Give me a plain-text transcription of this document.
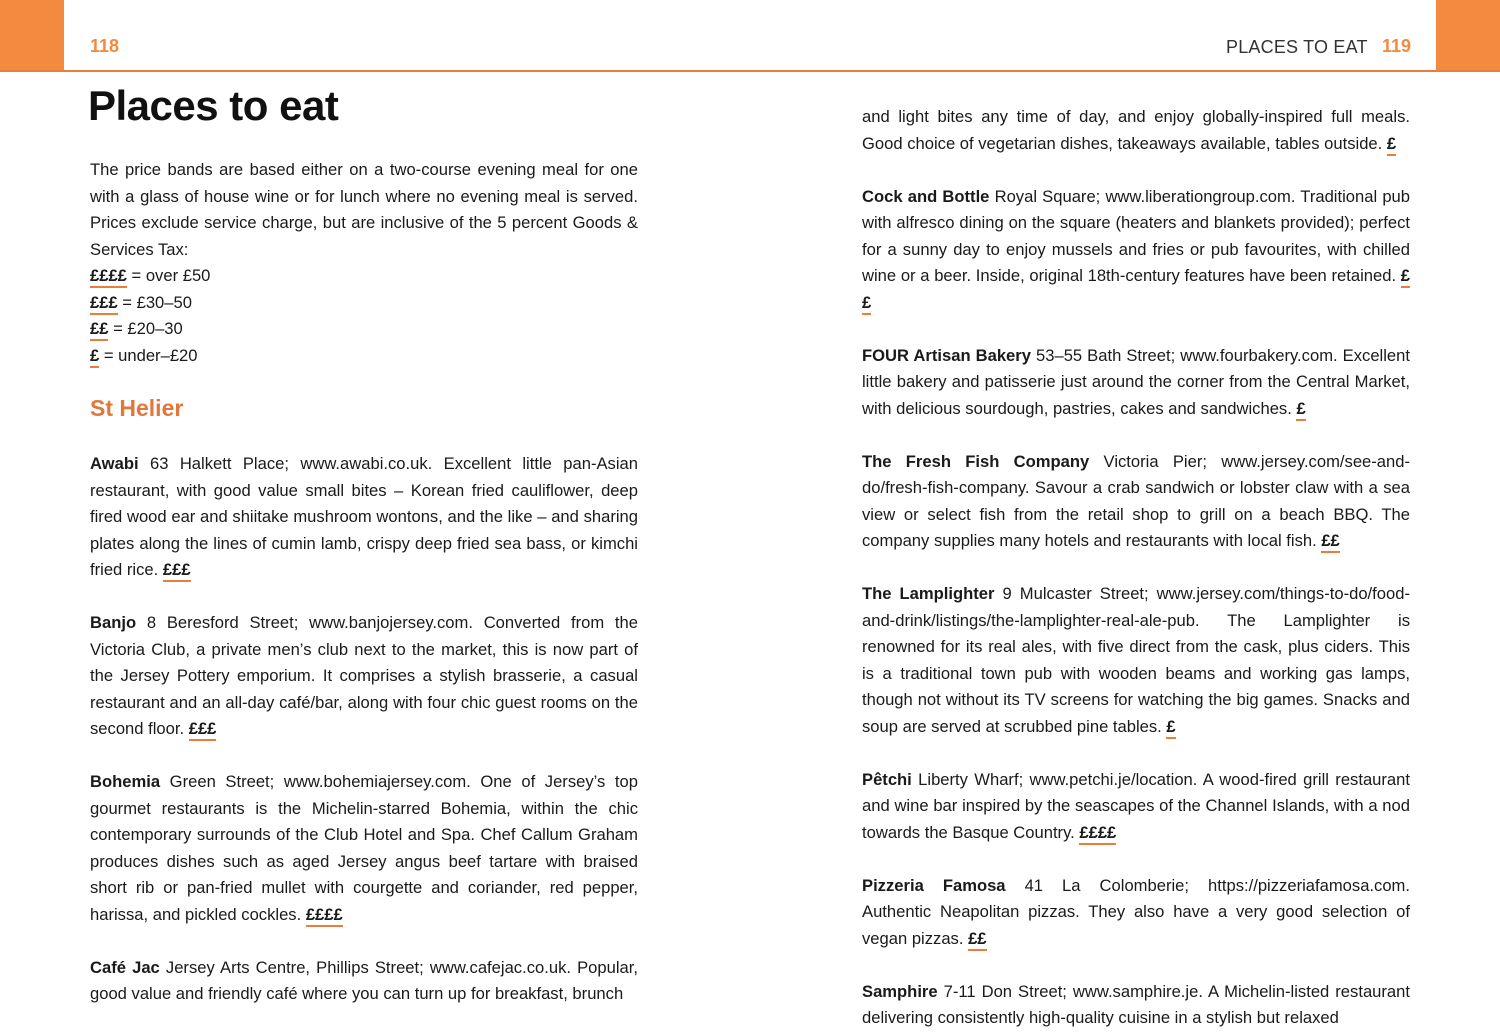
118	PLACES TO EAT 119
Places to eat

The price bands are based either on a two-course evening meal for one with a glass of house wine or for lunch where no evening meal is served. Prices exclude service charge, but are inclusive of the 5 percent Goods & Services Tax:

££££ = over £50
£££ = £30–50
££ = £20–30
£ = under–£20
St Helier

Awabi 63 Halkett Place; www.awabi.co.uk. Excellent little pan-Asian restaurant, with good value small bites – Korean fried cauliflower, deep fired wood ear and shiitake mushroom wontons, and the like – and sharing plates along the lines of cumin lamb, crispy deep fried sea bass, or kimchi fried rice. £££

Banjo 8 Beresford Street; www.banjojersey.com. Converted from the Victoria Club, a private men’s club next to the market, this is now part of the Jersey Pottery emporium. It comprises a stylish brasserie, a casual restaurant and an all-day café/bar, along with four chic guest rooms on the second floor. £££

Bohemia Green Street; www.bohemiajersey.com. One of Jersey’s top gourmet restaurants is the Michelin-starred Bohemia, within the chic contemporary surrounds of the Club Hotel and Spa. Chef Callum Graham produces dishes such as aged Jersey angus beef tartare with braised short rib or pan-fried mullet with courgette and coriander, red pepper, harissa, and pickled cockles. ££££

Café Jac Jersey Arts Centre, Phillips Street; www.cafejac.co.uk. Popular, good value and friendly café where you can turn up for breakfast, brunch

and light bites any time of day, and enjoy globally-inspired full meals. Good choice of vegetarian dishes, takeaways available, tables outside. £

Cock and Bottle Royal Square; www.liberationgroup.com. Traditional pub with alfresco dining on the square (heaters and blankets provided); perfect for a sunny day to enjoy mussels and fries or pub favourites, with chilled wine or a beer. Inside, original 18th-century features have been retained. ££

FOUR Artisan Bakery 53–55 Bath Street; www.fourbakery.com. Excellent little bakery and patisserie just around the corner from the Central Market, with delicious sourdough, pastries, cakes and sandwiches. £

The Fresh Fish Company Victoria Pier; www.jersey.com/see-and-do/fresh-fish-company. Savour a crab sandwich or lobster claw with a sea view or select fish from the retail shop to grill on a beach BBQ. The company supplies many hotels and restaurants with local fish. ££

The Lamplighter 9 Mulcaster Street; www.jersey.com/things-to-do/food-and-drink/listings/the-lamplighter-real-ale-pub. The Lamplighter is renowned for its real ales, with five direct from the cask, plus ciders. This is a traditional town pub with wooden beams and working gas lamps, though not without its TV screens for watching the big games. Snacks and soup are served at scrubbed pine tables. £

Pêtchi Liberty Wharf; www.petchi.je/location. A wood-fired grill restaurant and wine bar inspired by the seascapes of the Channel Islands, with a nod towards the Basque Country. ££££

Pizzeria Famosa 41 La Colomberie; https://pizzeriafamosa.com. Authentic Neapolitan pizzas. They also have a very good selection of vegan pizzas. ££

Samphire 7-11 Don Street; www.samphire.je. A Michelin-listed restaurant delivering consistently high-quality cuisine in a stylish but relaxed
